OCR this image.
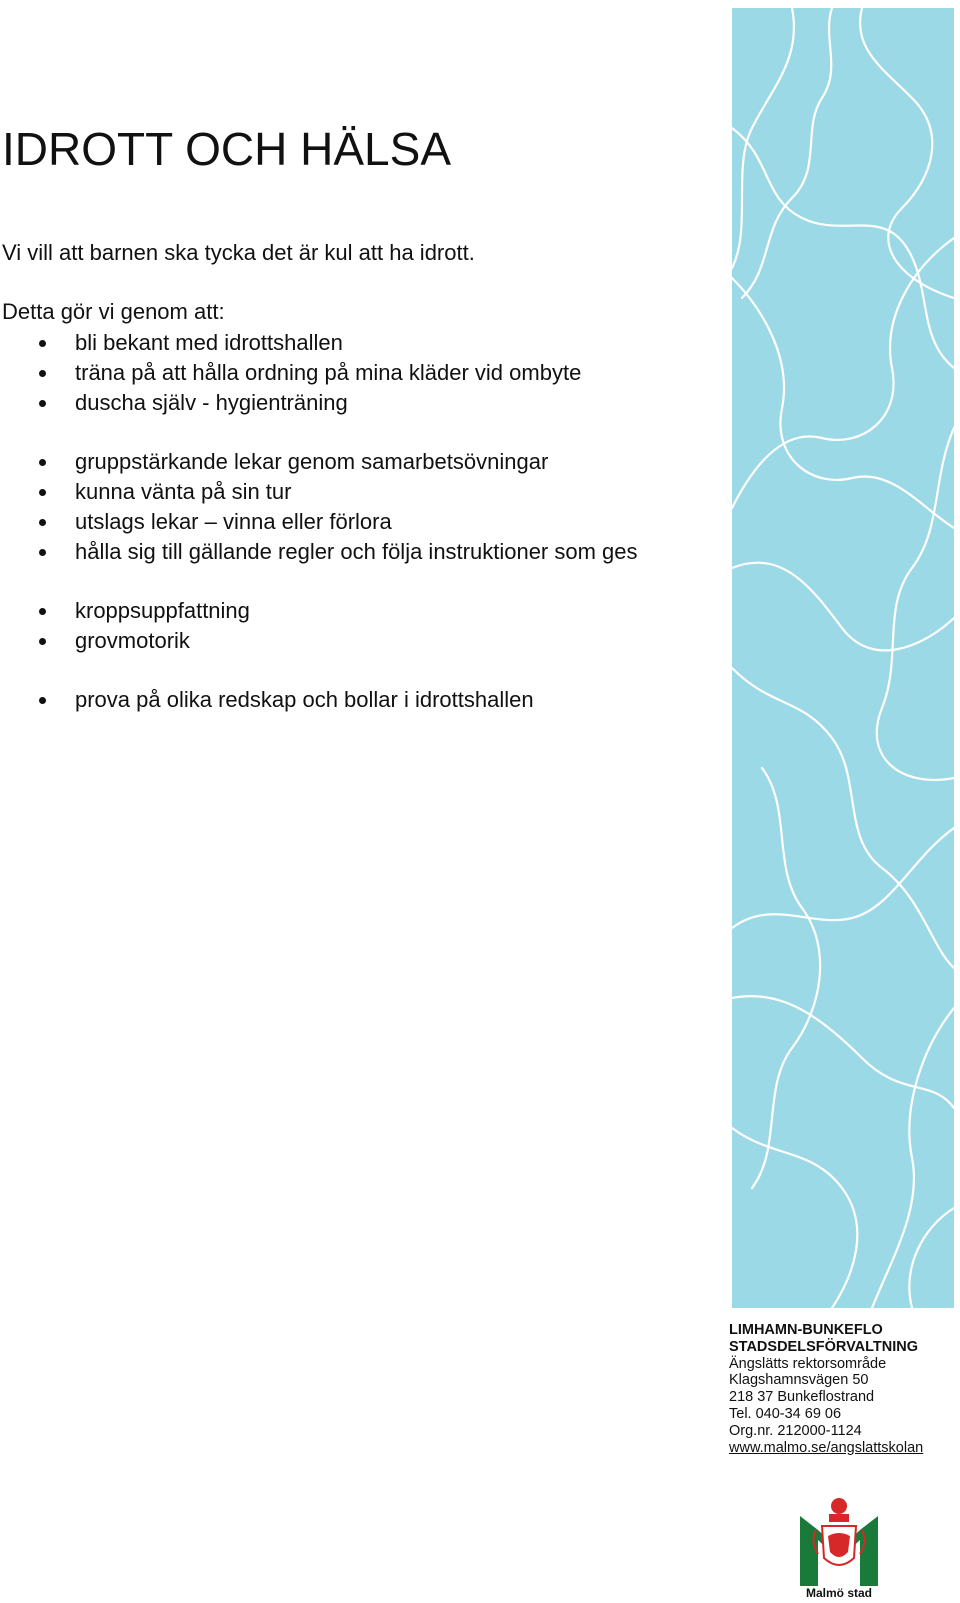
IDROTT OCH HÄLSA

Vi vill att barnen ska tycka det är kul att ha idrott.

Detta gör vi genom att:

bli bekant med idrottshallen
träna på att hålla ordning på mina kläder vid ombyte
duscha själv - hygienträning
gruppstärkande lekar genom samarbetsövningar
kunna vänta på sin tur
utslags lekar – vinna eller förlora
hålla sig till gällande regler och följa instruktioner som ges
kroppsuppfattning
grovmotorik
prova på olika redskap och bollar i idrottshallen
LIMHAMN-BUNKEFLO
STADSDELSFÖRVALTNING
Ängslätts rektorsområde
Klagshamnsvägen 50
218 37 Bunkeflostrand
Tel. 040-34 69 06
Org.nr. 212000-1124
www.malmo.se/angslattskolan
Malmö stad
